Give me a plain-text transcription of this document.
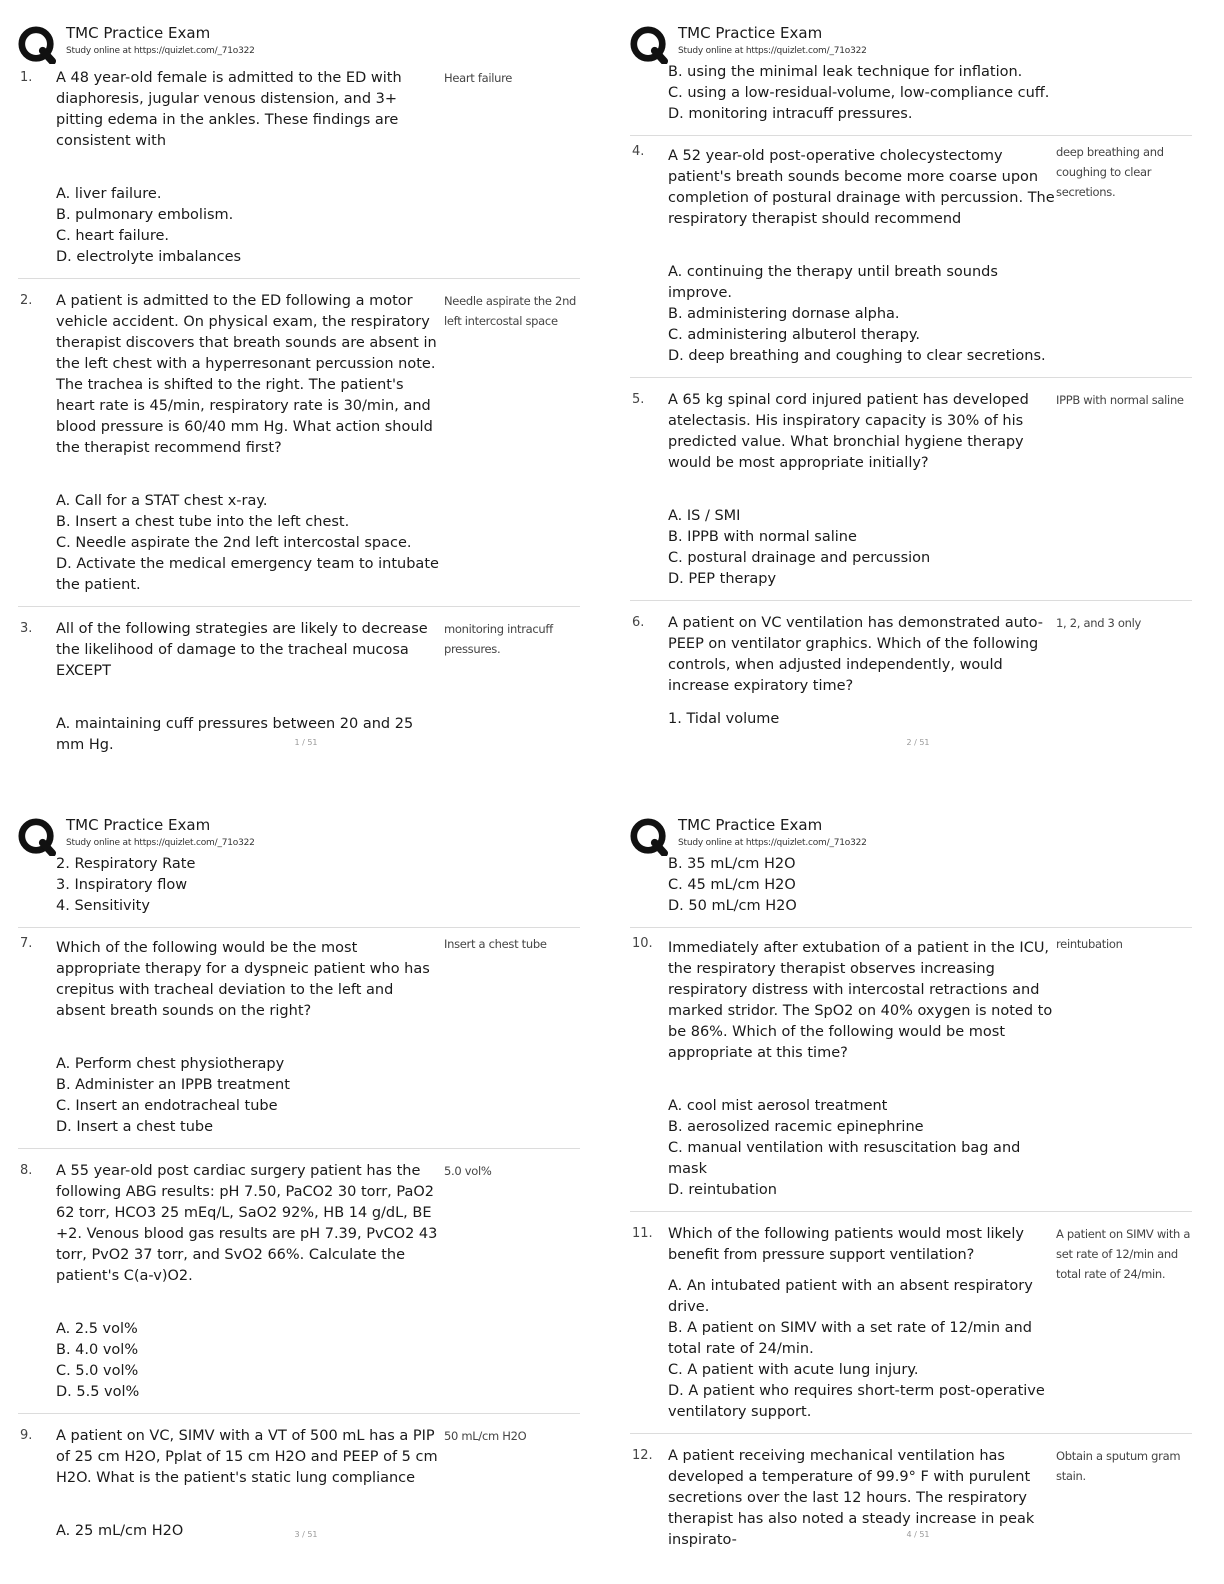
TMC Practice Exam
Study online at https://quizlet.com/_71o322
1. A 48 year-old female is admitted to the ED with diaphoresis, jugular venous distension, and 3+ pitting edema in the ankles. These findings are consistent with
Heart failure
A. liver failure.
B. pulmonary embolism.
C. heart failure.
D. electrolyte imbalances
2. A patient is admitted to the ED following a motor vehicle accident. On physical exam, the respiratory therapist discovers that breath sounds are absent in the left chest with a hyperresonant percussion note. The trachea is shifted to the right. The patient's heart rate is 45/min, respiratory rate is 30/min, and blood pressure is 60/40 mm Hg. What action should the therapist recommend first?
Needle aspirate the 2nd left intercostal space
A. Call for a STAT chest x-ray.
B. Insert a chest tube into the left chest.
C. Needle aspirate the 2nd left intercostal space.
D. Activate the medical emergency team to intubate the patient.
3. All of the following strategies are likely to decrease the likelihood of damage to the tracheal mucosa EXCEPT
monitoring intracuff pressures.
A. maintaining cuff pressures between 20 and 25 mm Hg.	1 / 51
TMC Practice Exam
Study online at https://quizlet.com/_71o322
B. using the minimal leak technique for inflation.
C. using a low-residual-volume, low-compliance cuff.
D. monitoring intracuff pressures.
4. A 52 year-old post-operative cholecystectomy patient's breath sounds become more coarse upon completion of postural drainage with percussion. The respiratory therapist should recommend
deep breathing and coughing to clear secretions.
A. continuing the therapy until breath sounds improve.
B. administering dornase alpha.
C. administering albuterol therapy.
D. deep breathing and coughing to clear secretions.
5. A 65 kg spinal cord injured patient has developed atelectasis. His inspiratory capacity is 30% of his predicted value. What bronchial hygiene therapy would be most appropriate initially?
IPPB with normal saline
A. IS / SMI
B. IPPB with normal saline
C. postural drainage and percussion
D. PEP therapy
6. A patient on VC ventilation has demonstrated auto-PEEP on ventilator graphics. Which of the following controls, when adjusted independently, would increase expiratory time?
1, 2, and 3 only
1. Tidal volume
2 / 51
TMC Practice Exam
Study online at https://quizlet.com/_71o322
2. Respiratory Rate
3. Inspiratory flow
4. Sensitivity
7. Which of the following would be the most appropriate therapy for a dyspneic patient who has crepitus with tracheal deviation to the left and absent breath sounds on the right?
Insert a chest tube
A. Perform chest physiotherapy
B. Administer an IPPB treatment
C. Insert an endotracheal tube
D. Insert a chest tube
8. A 55 year-old post cardiac surgery patient has the following ABG results: pH 7.50, PaCO2 30 torr, PaO2 62 torr, HCO3 25 mEq/L, SaO2 92%, HB 14 g/dL, BE +2. Venous blood gas results are pH 7.39, PvCO2 43 torr, PvO2 37 torr, and SvO2 66%. Calculate the patient's C(a-v)O2.
5.0 vol%
A. 2.5 vol%
B. 4.0 vol%
C. 5.0 vol%
D. 5.5 vol%
9. A patient on VC, SIMV with a VT of 500 mL has a PIP of 25 cm H2O, Pplat of 15 cm H2O and PEEP of 5 cm H2O. What is the patient's static lung compliance
50 mL/cm H2O
A. 25 mL/cm H2O	3 / 51
TMC Practice Exam
Study online at https://quizlet.com/_71o322
B. 35 mL/cm H2O
C. 45 mL/cm H2O
D. 50 mL/cm H2O
10. Immediately after extubation of a patient in the ICU, the respiratory therapist observes increasing respiratory distress with intercostal retractions and marked stridor. The SpO2 on 40% oxygen is noted to be 86%. Which of the following would be most appropriate at this time?
reintubation
A. cool mist aerosol treatment
B. aerosolized racemic epinephrine
C. manual ventilation with resuscitation bag and mask
D. reintubation
11. Which of the following patients would most likely benefit from pressure support ventilation?
A patient on SIMV with a set rate of 12/min and total rate of 24/min.
A. An intubated patient with an absent respiratory drive.
B. A patient on SIMV with a set rate of 12/min and total rate of 24/min.
C. A patient with acute lung injury.
D. A patient who requires short-term post-operative ventilatory support.
12. A patient receiving mechanical ventilation has developed a temperature of 99.9° F with purulent secretions over the last 12 hours. The respiratory therapist has also noted a steady increase in peak inspirato-
Obtain a sputum gram stain.
4 / 51
